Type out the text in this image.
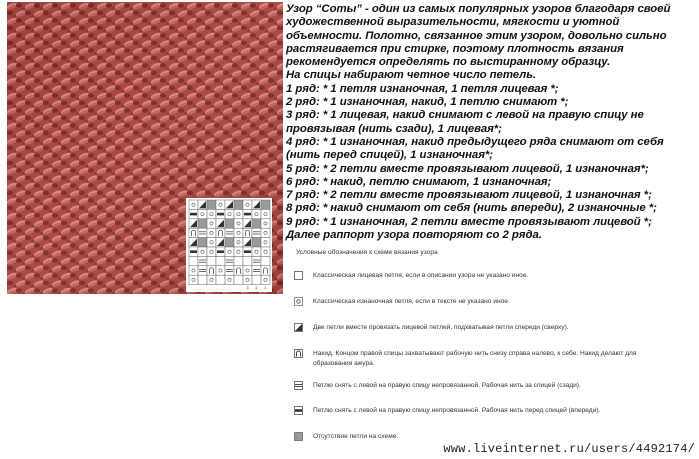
3 2 1

Узор “Соты” - один из самых популярных узоров благодаря своей художественной выразительности, мягкости и уютной объемности. Полотно, связанное этим узором, довольно сильно растягивается при стирке, поэтому плотность вязания рекомендуется определять по выстиранному образцу.

На спицы набирают четное число петель.

1 ряд: * 1 петля изнаночная, 1 петля лицевая *;

2 ряд: * 1 изнаночная, накид, 1 петлю снимают *;

3 ряд: * 1 лицевая, накид снимают с левой на правую спицу не провязывая (нить сзади), 1 лицевая*;

4 ряд: * 1 изнаночная, накид предыдущего ряда снимают от себя (нить перед спицей), 1 изнаночная*;

5 ряд: * 2 петли вместе провязывают лицевой, 1 изнаночная*;

6 ряд: * накид, петлю снимают, 1 изнаночная;

7 ряд: * 2 петли вместе провязывают лицевой, 1 изнаночная *;

8 ряд: * накид снимают от себя (нить впереди), 2 изнаночные *;

9 ряд: * 1 изнаночная, 2 петли вместе провязывают лицевой *;

Далее раппорт узора повторяют со 2 ряда.

Условные обозначения к схеме вязания узора
Классическая лицевая петля, если в описании узора не указано иное.
Классическая изнаночная петля, если в тексте не указано иное.
Две петли вместе провязать лицевой петлей, подхватывая петли спереди (сверху).
Накид. Концом правой спицы захватывают рабочую нить снизу справа налево, к себе. Накид делают для образования ажура.
Петлю снять с левой на правую спицу непровязанной. Рабочая нить за спицей (сзади).
Петлю снять с левой на правую спицу непровязанной. Рабочая нить перед спицей (впереди).
Отсутствие петли на схеме.
www.liveinternet.ru/users/4492174/
